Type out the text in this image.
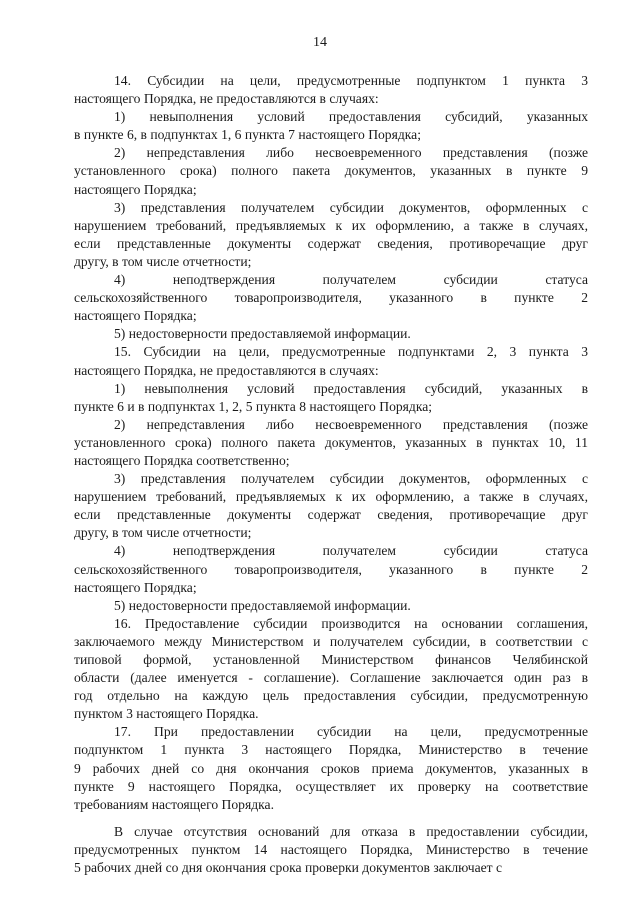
14

14. Субсидии на цели, предусмотренные подпунктом 1 пункта 3
настоящего Порядка, не предоставляются в случаях:

1) невыполнения условий предоставления субсидий, указанных
в пункте 6, в подпунктах 1, 6 пункта 7 настоящего Порядка;

2) непредставления либо несвоевременного представления (позже
установленного срока) полного пакета документов, указанных в пункте 9
настоящего Порядка;

3) представления получателем субсидии документов, оформленных с
нарушением требований, предъявляемых к их оформлению, а также в случаях,
если представленные документы содержат сведения, противоречащие друг
другу, в том числе отчетности;

4) неподтверждения получателем субсидии статуса
сельскохозяйственного товаропроизводителя, указанного в пункте 2
настоящего Порядка;

5) недостоверности предоставляемой информации.

15. Субсидии на цели, предусмотренные подпунктами 2, 3 пункта 3
настоящего Порядка, не предоставляются в случаях:

1) невыполнения условий предоставления субсидий, указанных в
пункте 6 и в подпунктах 1, 2, 5 пункта 8 настоящего Порядка;

2) непредставления либо несвоевременного представления (позже
установленного срока) полного пакета документов, указанных в пунктах 10, 11
настоящего Порядка соответственно;

3) представления получателем субсидии документов, оформленных с
нарушением требований, предъявляемых к их оформлению, а также в случаях,
если представленные документы содержат сведения, противоречащие друг
другу, в том числе отчетности;

4) неподтверждения получателем субсидии статуса
сельскохозяйственного товаропроизводителя, указанного в пункте 2
настоящего Порядка;

5) недостоверности предоставляемой информации.

16. Предоставление субсидии производится на основании соглашения,
заключаемого между Министерством и получателем субсидии, в соответствии с
типовой формой, установленной Министерством финансов Челябинской
области (далее именуется - соглашение). Соглашение заключается один раз в
год отдельно на каждую цель предоставления субсидии, предусмотренную
пунктом 3 настоящего Порядка.

17. При предоставлении субсидии на цели, предусмотренные
подпунктом 1 пункта 3 настоящего Порядка, Министерство в течение
9 рабочих дней со дня окончания сроков приема документов, указанных в
пункте 9 настоящего Порядка, осуществляет их проверку на соответствие
требованиям настоящего Порядка.

В случае отсутствия оснований для отказа в предоставлении субсидии,
предусмотренных пунктом 14 настоящего Порядка, Министерство в течение
5 рабочих дней со дня окончания срока проверки документов заключает с
